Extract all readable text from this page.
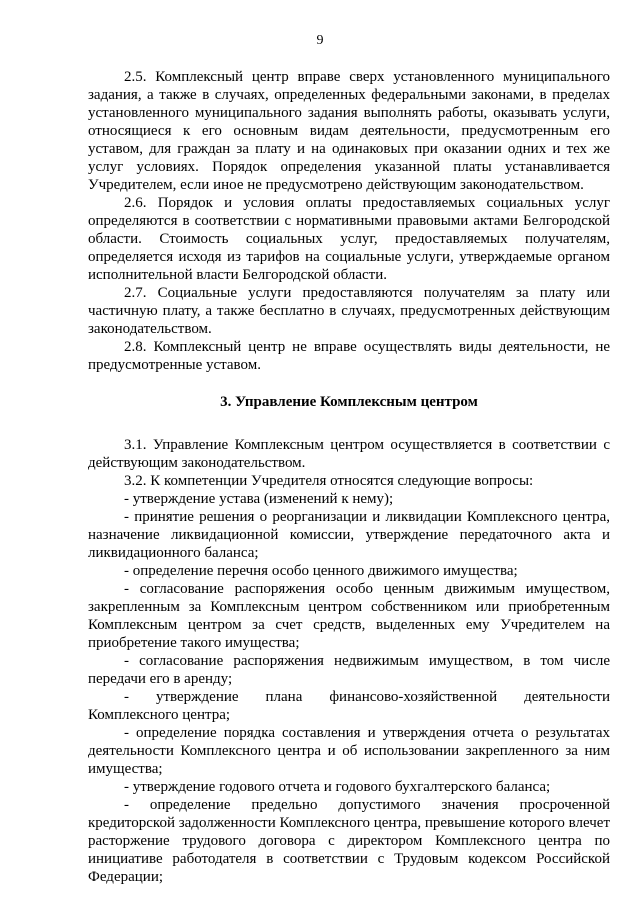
9

2.5. Комплексный центр вправе сверх установленного муниципального задания, а также в случаях, определенных федеральными законами, в пределах установленного муниципального задания выполнять работы, оказывать услуги, относящиеся к его основным видам деятельности, предусмотренным его уставом, для граждан за плату и на одинаковых при оказании одних и тех же услуг условиях. Порядок определения указанной платы устанавливается Учредителем, если иное не предусмотрено действующим законодательством.

2.6. Порядок и условия оплаты предоставляемых социальных услуг определяются в соответствии с нормативными правовыми актами Белгородской области. Стоимость социальных услуг, предоставляемых получателям, определяется исходя из тарифов на социальные услуги, утверждаемые органом исполнительной власти Белгородской области.

2.7. Социальные услуги предоставляются получателям за плату или частичную плату, а также бесплатно в случаях, предусмотренных действующим законодательством.

2.8. Комплексный центр не вправе осуществлять виды деятельности, не предусмотренные уставом.

3. Управление Комплексным центром

3.1. Управление Комплексным центром осуществляется в соответствии с действующим законодательством.

3.2. К компетенции Учредителя относятся следующие вопросы:

- утверждение устава (изменений к нему);

- принятие решения о реорганизации и ликвидации Комплексного центра, назначение ликвидационной комиссии, утверждение передаточного акта и ликвидационного баланса;

- определение перечня особо ценного движимого имущества;

- согласование распоряжения особо ценным движимым имуществом, закрепленным за Комплексным центром собственником или приобретенным Комплексным центром за счет средств, выделенных ему Учредителем на приобретение такого имущества;

- согласование распоряжения недвижимым имуществом, в том числе передачи его в аренду;

- утверждение плана финансово-хозяйственной деятельности Комплексного центра;

- определение порядка составления и утверждения отчета о результатах деятельности Комплексного центра и об использовании закрепленного за ним имущества;

- утверждение годового отчета и годового бухгалтерского баланса;

- определение предельно допустимого значения просроченной кредиторской задолженности Комплексного центра, превышение которого влечет расторжение трудового договора с директором Комплексного центра по инициативе работодателя в соответствии с Трудовым кодексом Российской Федерации;
